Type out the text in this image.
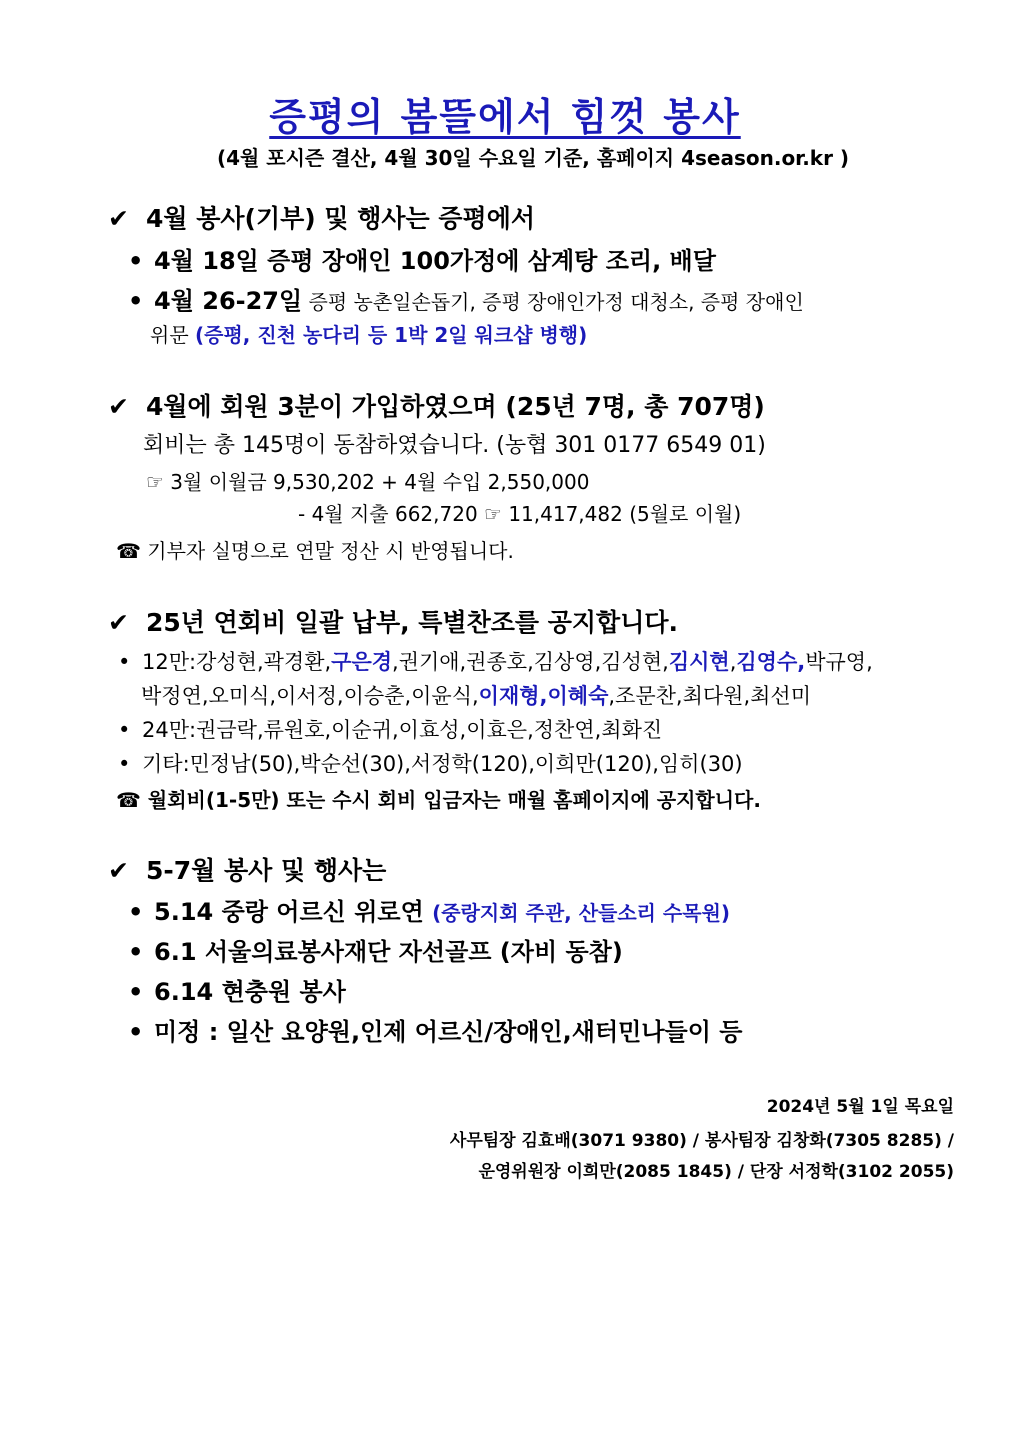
증평의 봄뜰에서 힘껏 봉사
(4월 포시즌 결산, 4월 30일 수요일 기준, 홈페이지 4season.or.kr )
✔ 4월 봉사(기부) 및 행사는 증평에서
• 4월 18일 증평 장애인 100가정에 삼계탕 조리, 배달
• 4월 26-27일 증평 농촌일손돕기, 증평 장애인가정 대청소, 증평 장애인
위문 (증평, 진천 농다리 등 1박 2일 워크샵 병행)
✔ 4월에 회원 3분이 가입하였으며 (25년 7명, 총 707명)
회비는 총 145명이 동참하였습니다. (농협 301 0177 6549 01)
☞ 3월 이월금 9,530,202 + 4월 수입 2,550,000
- 4월 지출 662,720 ☞ 11,417,482 (5월로 이월)
☎ 기부자 실명으로 연말 정산 시 반영됩니다.
✔ 25년 연회비 일괄 납부, 특별찬조를 공지합니다.
• 12만:강성현,곽경환,구은경,권기애,권종호,김상영,김성현,김시현,김영수,박규영,
박정연,오미식,이서정,이승춘,이윤식,이재형,이혜숙,조문찬,최다원,최선미
• 24만:권금락,류원호,이순귀,이효성,이효은,정찬연,최화진
• 기타:민정남(50),박순선(30),서정학(120),이희만(120),임히(30)
☎ 월회비(1-5만) 또는 수시 회비 입금자는 매월 홈페이지에 공지합니다.
✔ 5-7월 봉사 및 행사는
• 5.14 중랑 어르신 위로연 (중랑지회 주관, 산들소리 수목원)
• 6.1 서울의료봉사재단 자선골프 (자비 동참)
• 6.14 현충원 봉사
• 미정 : 일산 요양원,인제 어르신/장애인,새터민나들이 등
2024년 5월 1일 목요일
사무팀장 김효배(3071 9380) / 봉사팀장 김창화(7305 8285) /
운영위원장 이희만(2085 1845) / 단장 서정학(3102 2055)
